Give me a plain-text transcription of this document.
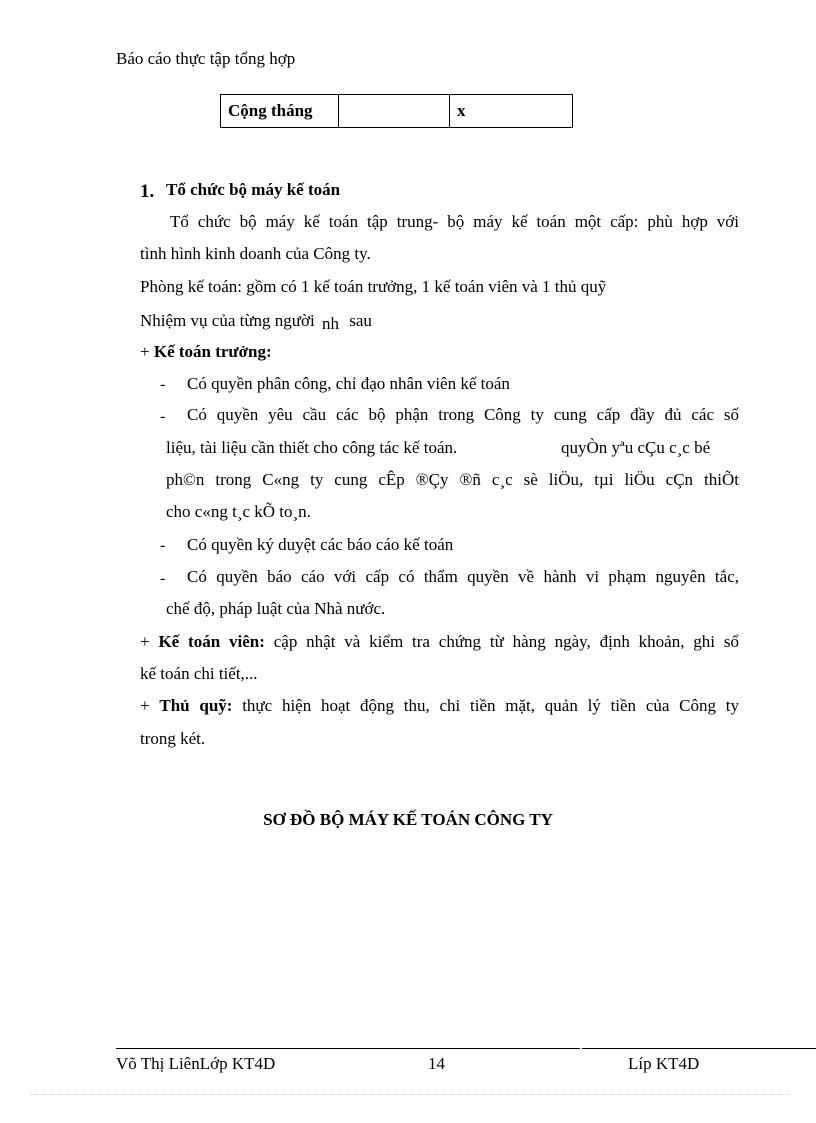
Báo cáo thực tập tổng hợp
Cộng tháng		x
1. Tổ chức bộ máy kế toán
Tổ chức bộ máy kế toán tập trung- bộ máy kế toán một cấp: phù hợp với
tình hình kinh doanh của Công ty.
Phòng kế toán: gồm có 1 kế toán trưởng, 1 kế toán viên và 1 thủ quỹ
Nhiệm vụ của từng người nh sau
+ Kế toán trưởng:
- Có quyền phân công, chỉ đạo nhân viên kế toán
- Có quyền yêu cầu các bộ phận trong Công ty cung cấp đầy đủ các số
liệu, tài liệu cần thiết cho công tác kế toán.	quyÒn yªu cÇu c¸c bé
ph©n trong C«ng ty cung cÊp ®Çy ®ñ c¸c sè liÖu, tµi liÖu cÇn thiÕt
cho c«ng t¸c kÕ to¸n.
- Có quyền ký duyệt các báo cáo kế toán
- Có quyền báo cáo với cấp có thẩm quyền về hành vi phạm nguyên tắc,
chế độ, pháp luật của Nhà nước.
+ Kế toán viên: cập nhật và kiểm tra chứng từ hàng ngày, định khoản, ghi sổ
kế toán chi tiết,...
+ Thủ quỹ: thực hiện hoạt động thu, chi tiền mặt, quản lý tiền của Công ty
trong két.
SƠ ĐỒ BỘ MÁY KẾ TOÁN CÔNG TY
Võ Thị LiênLớp KT4D	14	Líp KT4D
